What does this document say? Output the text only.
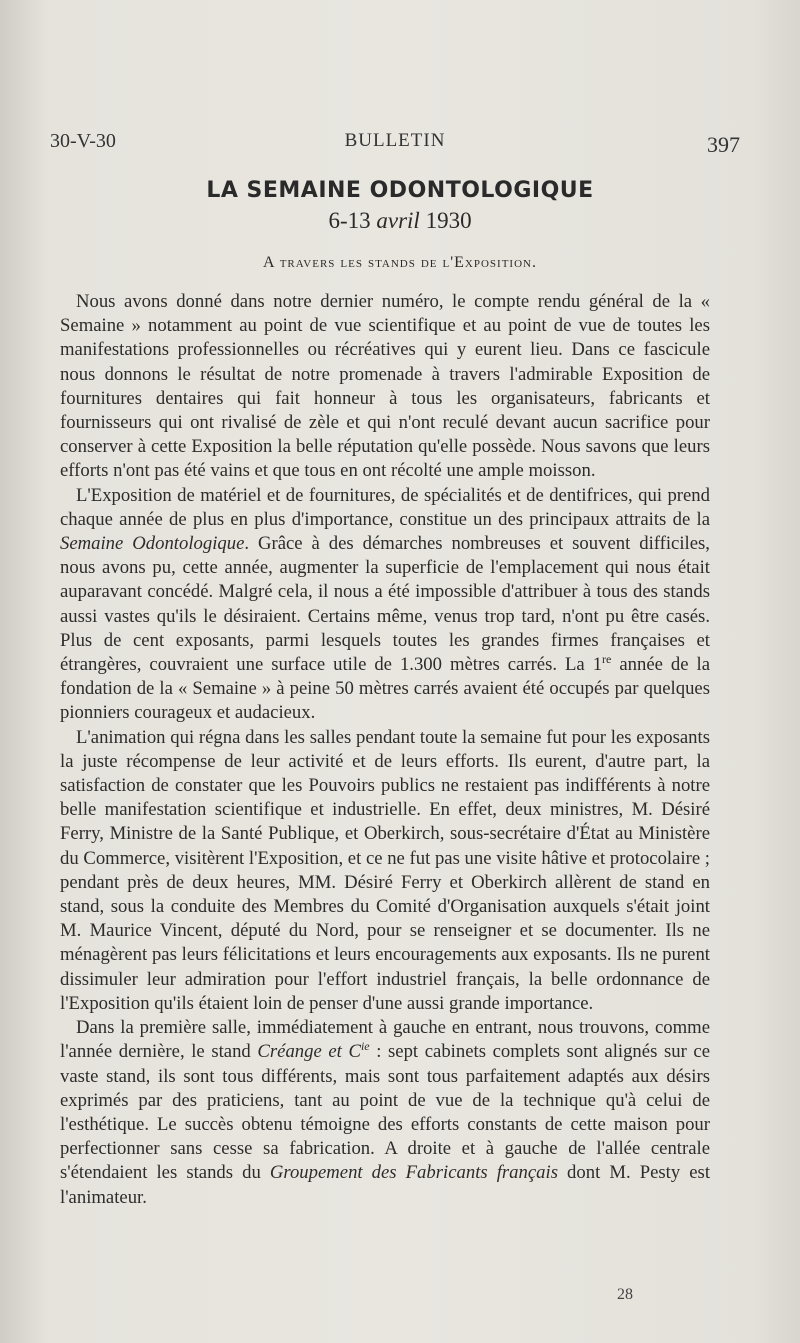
30-V-30	BULLETIN	397
LA SEMAINE ODONTOLOGIQUE
6-13 avril 1930
A travers les stands de l'Exposition.

Nous avons donné dans notre dernier numéro, le compte rendu général de la « Semaine » notamment au point de vue scientifique et au point de vue de toutes les manifestations professionnelles ou récréatives qui y eurent lieu. Dans ce fascicule nous donnons le résultat de notre promenade à travers l'admirable Exposition de fournitures dentaires qui fait honneur à tous les organisateurs, fabricants et fournisseurs qui ont rivalisé de zèle et qui n'ont reculé devant aucun sacrifice pour conserver à cette Exposition la belle réputation qu'elle possède. Nous savons que leurs efforts n'ont pas été vains et que tous en ont récolté une ample moisson.

L'Exposition de matériel et de fournitures, de spécialités et de dentifrices, qui prend chaque année de plus en plus d'importance, constitue un des principaux attraits de la Semaine Odontologique. Grâce à des démarches nombreuses et souvent difficiles, nous avons pu, cette année, augmenter la superficie de l'emplacement qui nous était auparavant concédé. Malgré cela, il nous a été impossible d'attribuer à tous des stands aussi vastes qu'ils le désiraient. Certains même, venus trop tard, n'ont pu être casés. Plus de cent exposants, parmi lesquels toutes les grandes firmes françaises et étrangères, couvraient une surface utile de 1.300 mètres carrés. La 1re année de la fondation de la « Semaine » à peine 50 mètres carrés avaient été occupés par quelques pionniers courageux et audacieux.

L'animation qui régna dans les salles pendant toute la semaine fut pour les exposants la juste récompense de leur activité et de leurs efforts. Ils eurent, d'autre part, la satisfaction de constater que les Pouvoirs publics ne restaient pas indifférents à notre belle manifestation scientifique et industrielle. En effet, deux ministres, M. Désiré Ferry, Ministre de la Santé Publique, et Oberkirch, sous-secrétaire d'État au Ministère du Commerce, visitèrent l'Exposition, et ce ne fut pas une visite hâtive et protocolaire ; pendant près de deux heures, MM. Désiré Ferry et Oberkirch allèrent de stand en stand, sous la conduite des Membres du Comité d'Organisation auxquels s'était joint M. Maurice Vincent, député du Nord, pour se renseigner et se documenter. Ils ne ménagèrent pas leurs félicitations et leurs encouragements aux exposants. Ils ne purent dissimuler leur admiration pour l'effort industriel français, la belle ordonnance de l'Exposition qu'ils étaient loin de penser d'une aussi grande importance.

Dans la première salle, immédiatement à gauche en entrant, nous trouvons, comme l'année dernière, le stand Créange et $C^{ie}$ : sept cabinets complets sont alignés sur ce vaste stand, ils sont tous différents, mais sont tous parfaitement adaptés aux désirs exprimés par des praticiens, tant au point de vue de la technique qu'à celui de l'esthétique. Le succès obtenu témoigne des efforts constants de cette maison pour perfectionner sans cesse sa fabrication. A droite et à gauche de l'allée centrale s'étendaient les stands du Groupement des Fabricants français dont M. Pesty est l'animateur.

28
